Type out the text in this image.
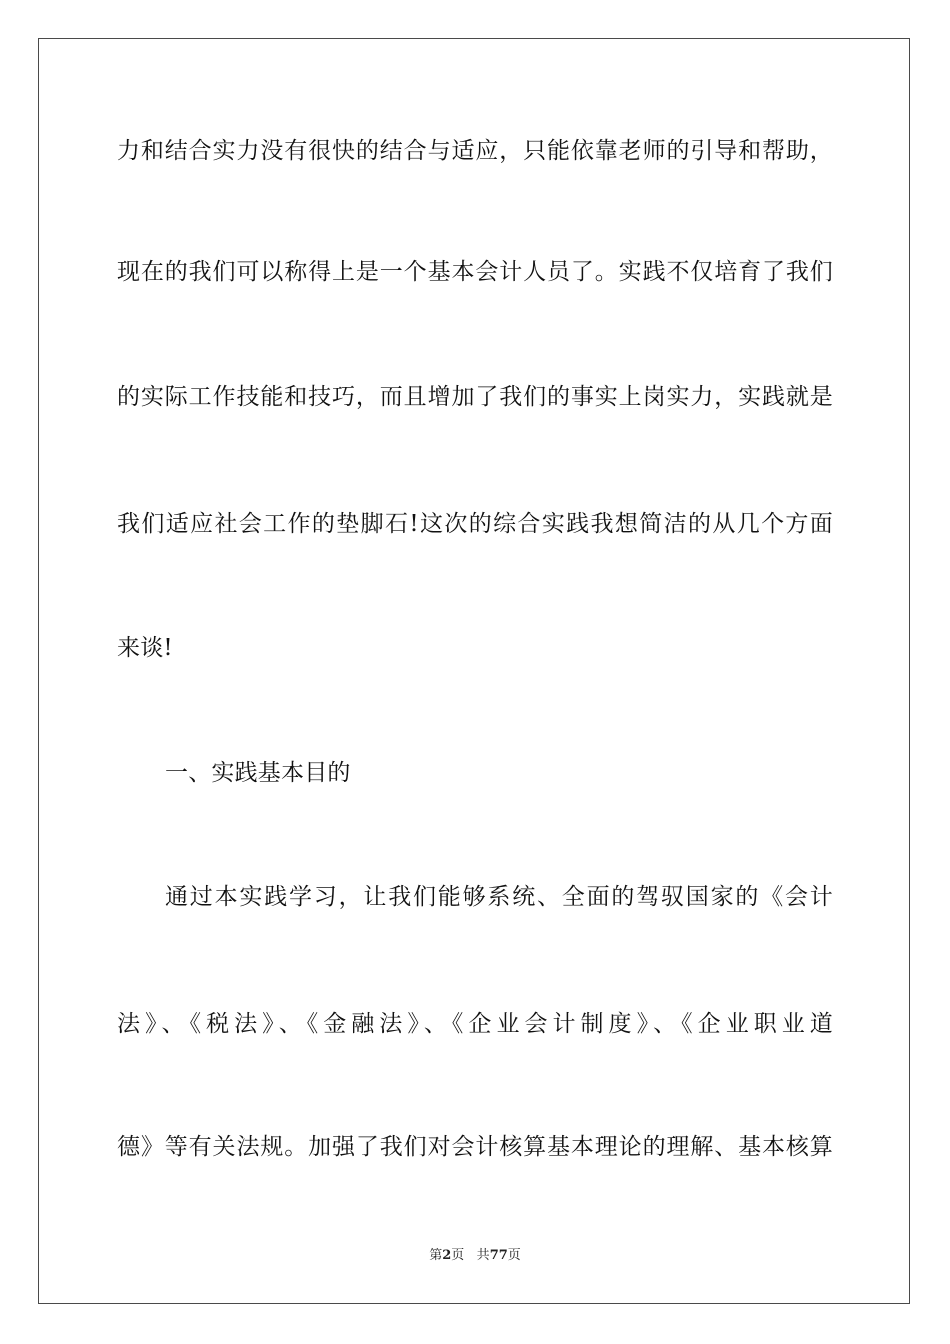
力和结合实力没有很快的结合与适应，只能依靠老师的引导和帮助，
现在的我们可以称得上是一个基本会计人员了。实践不仅培育了我们
的实际工作技能和技巧，而且增加了我们的事实上岗实力，实践就是
我们适应社会工作的垫脚石!这次的综合实践我想简洁的从几个方面
来谈!
一、实践基本目的
通过本实践学习，让我们能够系统、全面的驾驭国家的《会计
法》、《税法》、《金融法》、《企业会计制度》、《企业职业道
德》等有关法规。加强了我们对会计核算基本理论的理解、基本核算
第2页 共77页
